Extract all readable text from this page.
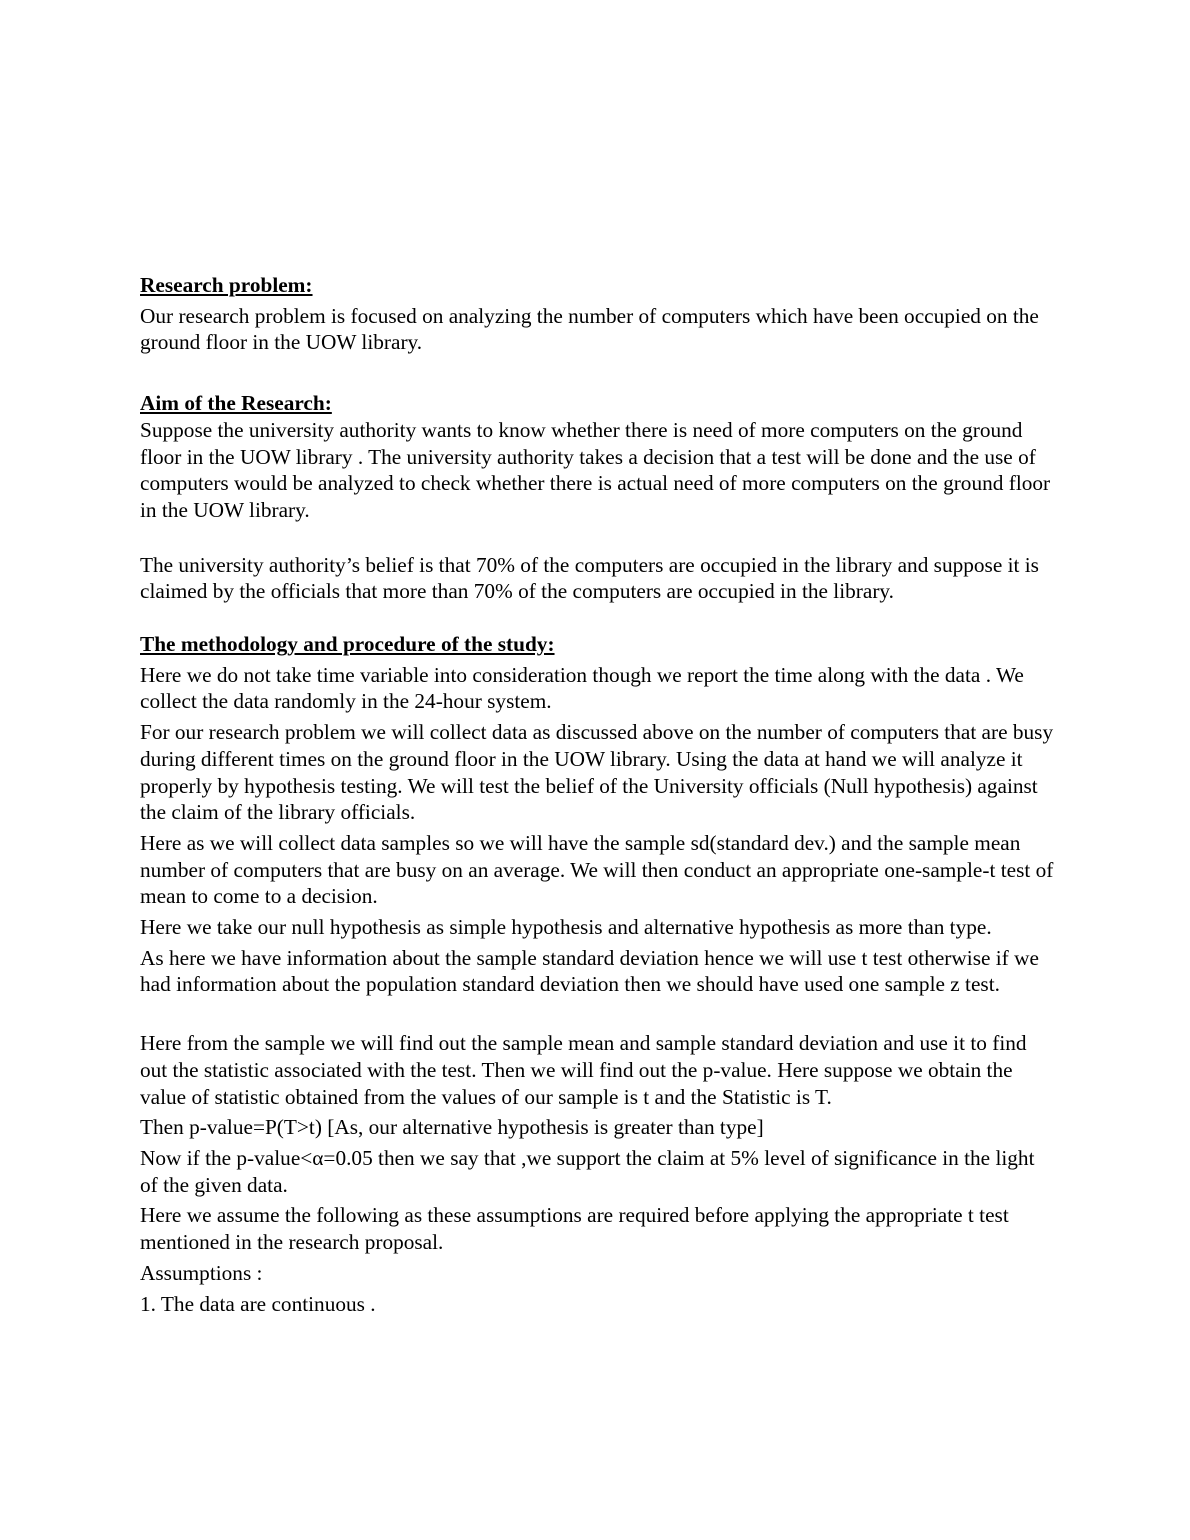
Research problem:

Our research problem is focused on analyzing the number of computers which have been occupied on the ground floor in the UOW library.

Aim of the Research:

Suppose the university authority wants to know whether there is need of more computers on the ground floor in the UOW library . The university authority takes a decision that a test will be done and the use of computers would be analyzed to check whether there is actual need of more computers on the ground floor in the UOW library.

The university authority’s belief is that 70% of the computers are occupied in the library and suppose it is claimed by the officials that more than 70% of the computers are occupied in the library.

The methodology and procedure of the study:

Here we do not take time variable into consideration though we report the time along with the data . We collect the data randomly in the 24-hour system.

For our research problem we will collect data as discussed above on the number of computers that are busy during different times on the ground floor in the UOW library. Using the data at hand we will analyze it properly by hypothesis testing. We will test the belief of the University officials (Null hypothesis) against the claim of the library officials.

Here as we will collect data samples so we will have the sample sd(standard dev.) and the sample mean number of computers that are busy on an average. We will then conduct an appropriate one-sample-t test of mean to come to a decision.

Here we take our null hypothesis as simple hypothesis and alternative hypothesis as more than type.

As here we have information about the sample standard deviation hence we will use t test otherwise if we had information about the population standard deviation then we should have used one sample z test.

Here from the sample we will find out the sample mean and sample standard deviation and use it to find out the statistic associated with the test. Then we will find out the p-value. Here suppose we obtain the value of statistic obtained from the values of our sample is t and the Statistic is T.

Then p-value=P(T>t) [As, our alternative hypothesis is greater than type]

Now if the p-value<α=0.05 then we say that ,we support the claim at 5% level of significance in the light of the given data.

Here we assume the following as these assumptions are required before applying the appropriate t test mentioned in the research proposal.

Assumptions :

1. The data are continuous .
